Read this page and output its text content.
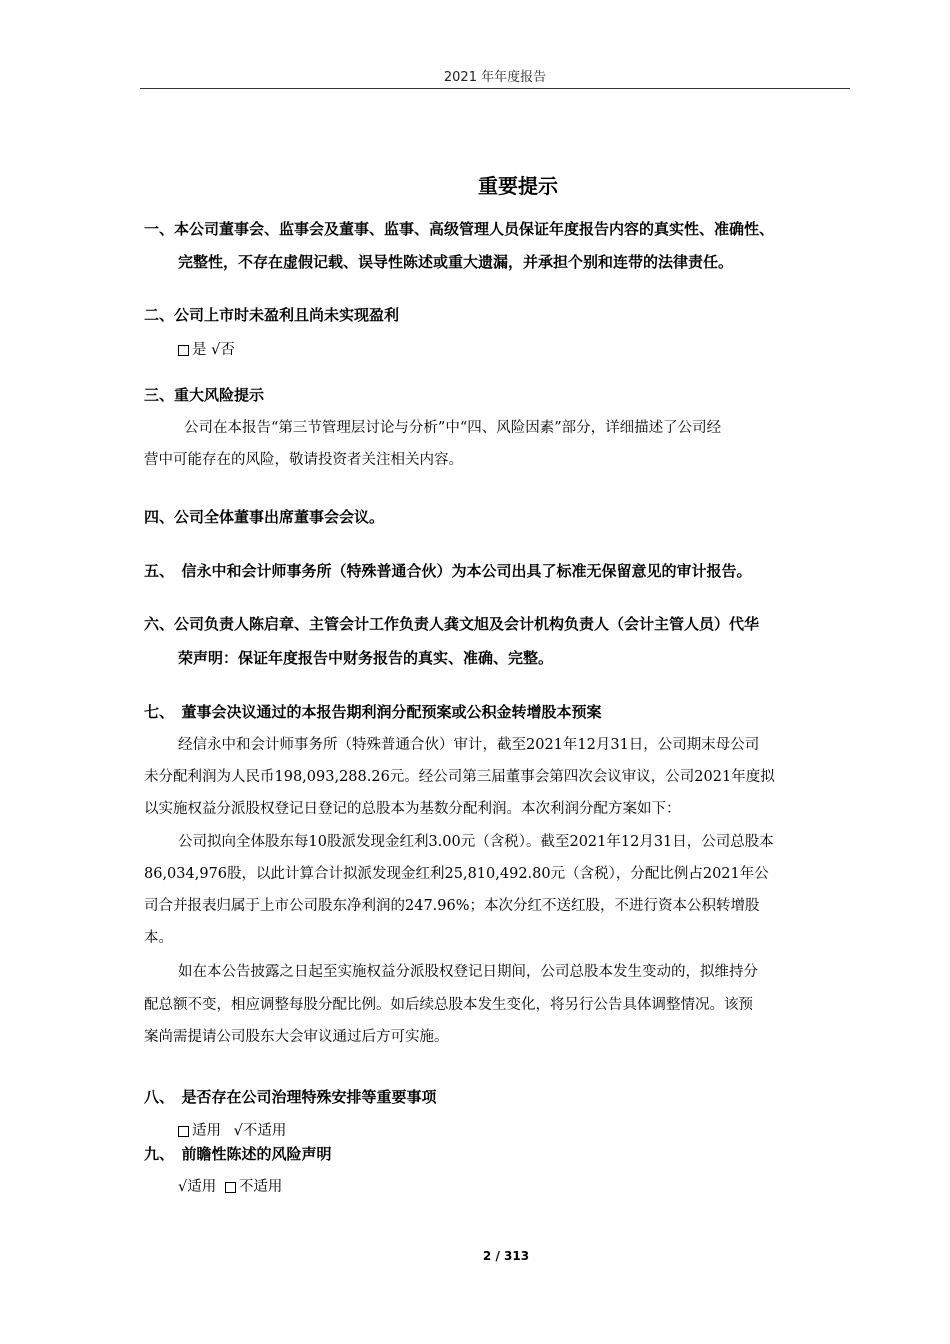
2021 年年度报告
重要提示
一、本公司董事会、监事会及董事、监事、高级管理人员保证年度报告内容的真实性、准确性、
完整性，不存在虚假记载、误导性陈述或重大遗漏，并承担个别和连带的法律责任。
二、公司上市时未盈利且尚未实现盈利
是 √否
三、重大风险提示
公司在本报告“第三节管理层讨论与分析”中“四、风险因素”部分，详细描述了公司经
营中可能存在的风险，敬请投资者关注相关内容。
四、公司全体董事出席董事会会议。
五、　信永中和会计师事务所（特殊普通合伙）为本公司出具了标准无保留意见的审计报告。
六、公司负责人陈启章、主管会计工作负责人龚文旭及会计机构负责人（会计主管人员）代华
荣声明：保证年度报告中财务报告的真实、准确、完整。
七、　董事会决议通过的本报告期利润分配预案或公积金转增股本预案
经信永中和会计师事务所（特殊普通合伙）审计，截至2021年12月31日，公司期末母公司
未分配利润为人民币198,093,288.26元。经公司第三届董事会第四次会议审议，公司2021年度拟
以实施权益分派股权登记日登记的总股本为基数分配利润。本次利润分配方案如下：
公司拟向全体股东每10股派发现金红利3.00元（含税）。截至2021年12月31日，公司总股本
86,034,976股，以此计算合计拟派发现金红利25,810,492.80元（含税），分配比例占2021年公
司合并报表归属于上市公司股东净利润的247.96%；本次分红不送红股，不进行资本公积转增股
本。
如在本公告披露之日起至实施权益分派股权登记日期间，公司总股本发生变动的，拟维持分
配总额不变，相应调整每股分配比例。如后续总股本发生变化，将另行公告具体调整情况。该预
案尚需提请公司股东大会审议通过后方可实施。
八、　是否存在公司治理特殊安排等重要事项
适用 √不适用
九、　前瞻性陈述的风险声明
√适用 不适用
2 / 313
